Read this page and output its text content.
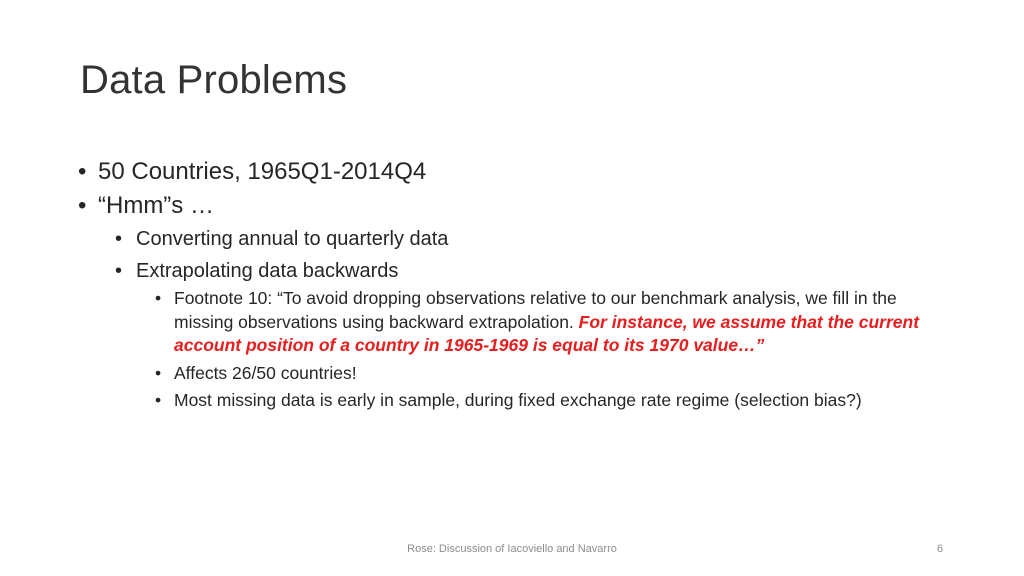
Data Problems
• 50 Countries, 1965Q1-2014Q4
• “Hmm”s …
• Converting annual to quarterly data
• Extrapolating data backwards
• Footnote 10: “To avoid dropping observations relative to our benchmark analysis, we fill in the missing observations using backward extrapolation. For instance, we assume that the current account position of a country in 1965-1969 is equal to its 1970 value…”
• Affects 26/50 countries!
• Most missing data is early in sample, during fixed exchange rate regime (selection bias?)
Rose: Discussion of Iacoviello and Navarro	6
